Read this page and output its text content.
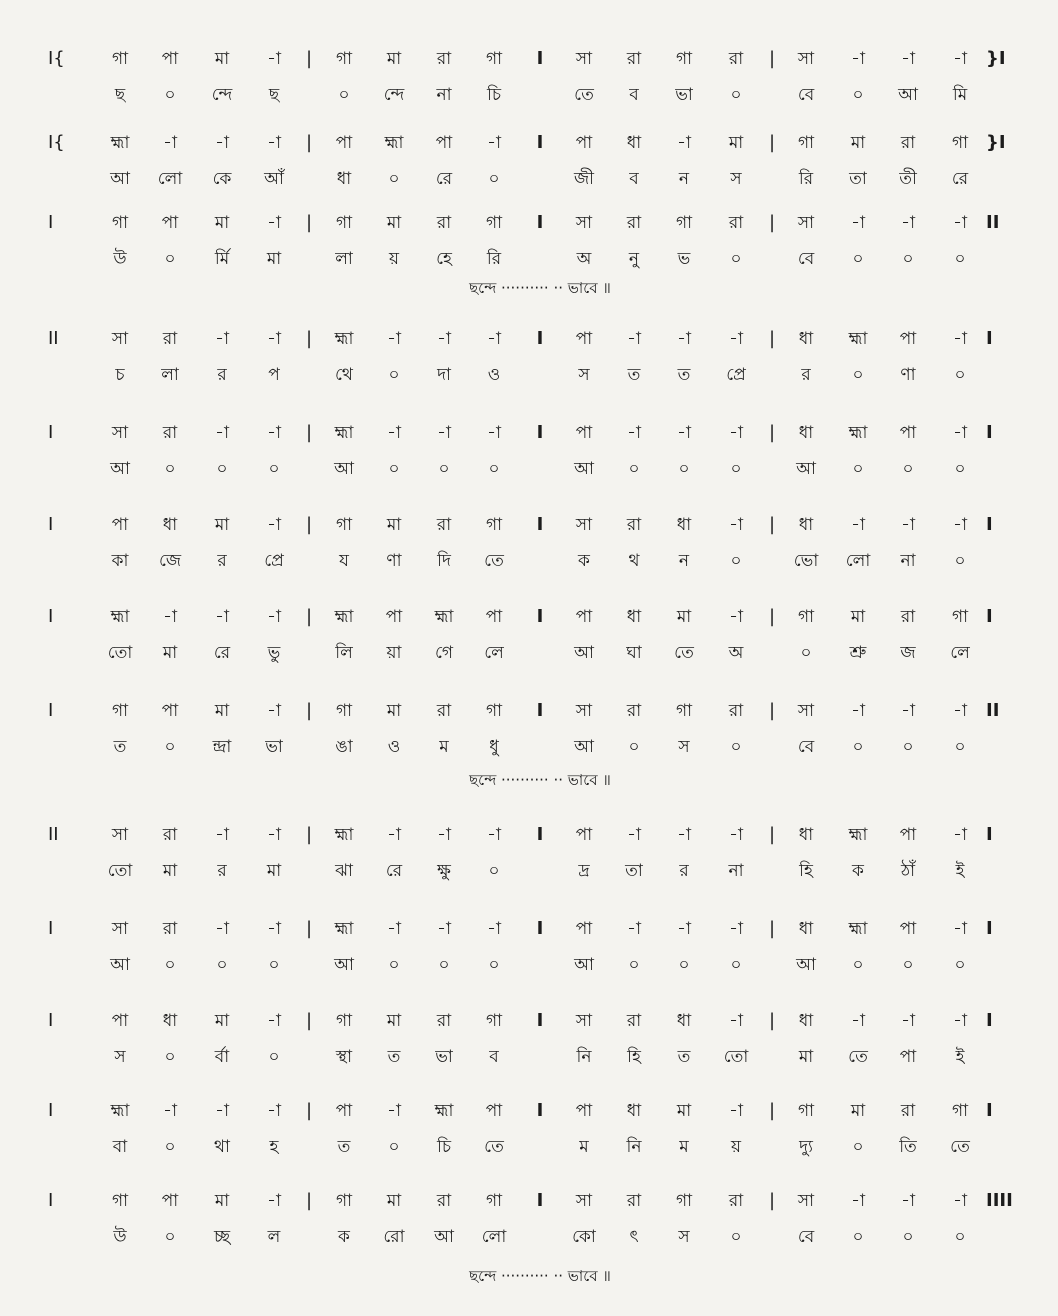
I{	গা	পা	মা	-া	গা	মা	রা	গা	সা	রা	গা	রা	সা	-া	-া	-া
ছ	০	ন্দে	ছ	০	ন্দে	না	চি	তে	ব	ভা	০	বে	০	আ	মি
|	I	|	}I
I{	হ্মা	-া	-া	-া	পা	হ্মা	পা	-া	পা	ধা	-া	মা	গা	মা	রা	গা
আ	লো	কে	আঁ	ধা	০	রে	০	জী	ব	ন	স	রি	তা	তী	রে
|	I	|	}I
I	গা	পা	মা	-া	গা	মা	রা	গা	সা	রা	গা	রা	সা	-া	-া	-া
উ	০	র্মি	মা	লা	য়	হে	রি	অ	নু	ভ	০	বে	০	০	০
|	I	|	II
ছন্দে ·········· ·· ভাবে ॥
II	সা	রা	-া	-া	হ্মা	-া	-া	-া	পা	-া	-া	-া	ধা	হ্মা	পা	-া
চ	লা	র	প	থে	০	দা	ও	স	ত	ত	প্রে	র	০	ণা	০
|	I	|	I
I	সা	রা	-া	-া	হ্মা	-া	-া	-া	পা	-া	-া	-া	ধা	হ্মা	পা	-া
আ	০	০	০	আ	০	০	০	আ	০	০	০	আ	০	০	০
|	I	|	I
I	পা	ধা	মা	-া	গা	মা	রা	গা	সা	রা	ধা	-া	ধা	-া	-া	-া
কা	জে	র	প্রে	য	ণা	দি	তে	ক	থ	ন	০	ভো	লো	না	০
|	I	|	I
I	হ্মা	-া	-া	-া	হ্মা	পা	হ্মা	পা	পা	ধা	মা	-া	গা	মা	রা	গা
তো	মা	রে	ভু	লি	য়া	গে	লে	আ	ঘা	তে	অ	০	শ্রু	জ	লে
|	I	|	I
I	গা	পা	মা	-া	গা	মা	রা	গা	সা	রা	গা	রা	সা	-া	-া	-া
ত	০	ন্দ্রা	ভা	ঙা	ও	ম	ধু	আ	০	স	০	বে	০	০	০
|	I	|	II
ছন্দে ·········· ·· ভাবে ॥
II	সা	রা	-া	-া	হ্মা	-া	-া	-া	পা	-া	-া	-া	ধা	হ্মা	পা	-া
তো	মা	র	মা	ঝা	রে	ক্ষু	০	দ্র	তা	র	না	হি	ক	ঠাঁ	ই
|	I	|	I
I	সা	রা	-া	-া	হ্মা	-া	-া	-া	পা	-া	-া	-া	ধা	হ্মা	পা	-া
আ	০	০	০	আ	০	০	০	আ	০	০	০	আ	০	০	০
|	I	|	I
I	পা	ধা	মা	-া	গা	মা	রা	গা	সা	রা	ধা	-া	ধা	-া	-া	-া
স	০	র্বা	০	স্থা	ত	ভা	ব	নি	হি	ত	তো	মা	তে	পা	ই
|	I	|	I
I	হ্মা	-া	-া	-া	পা	-া	হ্মা	পা	পা	ধা	মা	-া	গা	মা	রা	গা
বা	০	থা	হ	ত	০	চি	তে	ম	নি	ম	য়	দ্যু	০	তি	তে
|	I	|	I
I	গা	পা	মা	-া	গা	মা	রা	গা	সা	রা	গা	রা	সা	-া	-া	-া
উ	০	চ্ছ	ল	ক	রো	আ	লো	কো	ৎ	স	০	বে	০	০	০
|	I	|	IIII
ছন্দে ·········· ·· ভাবে ॥
